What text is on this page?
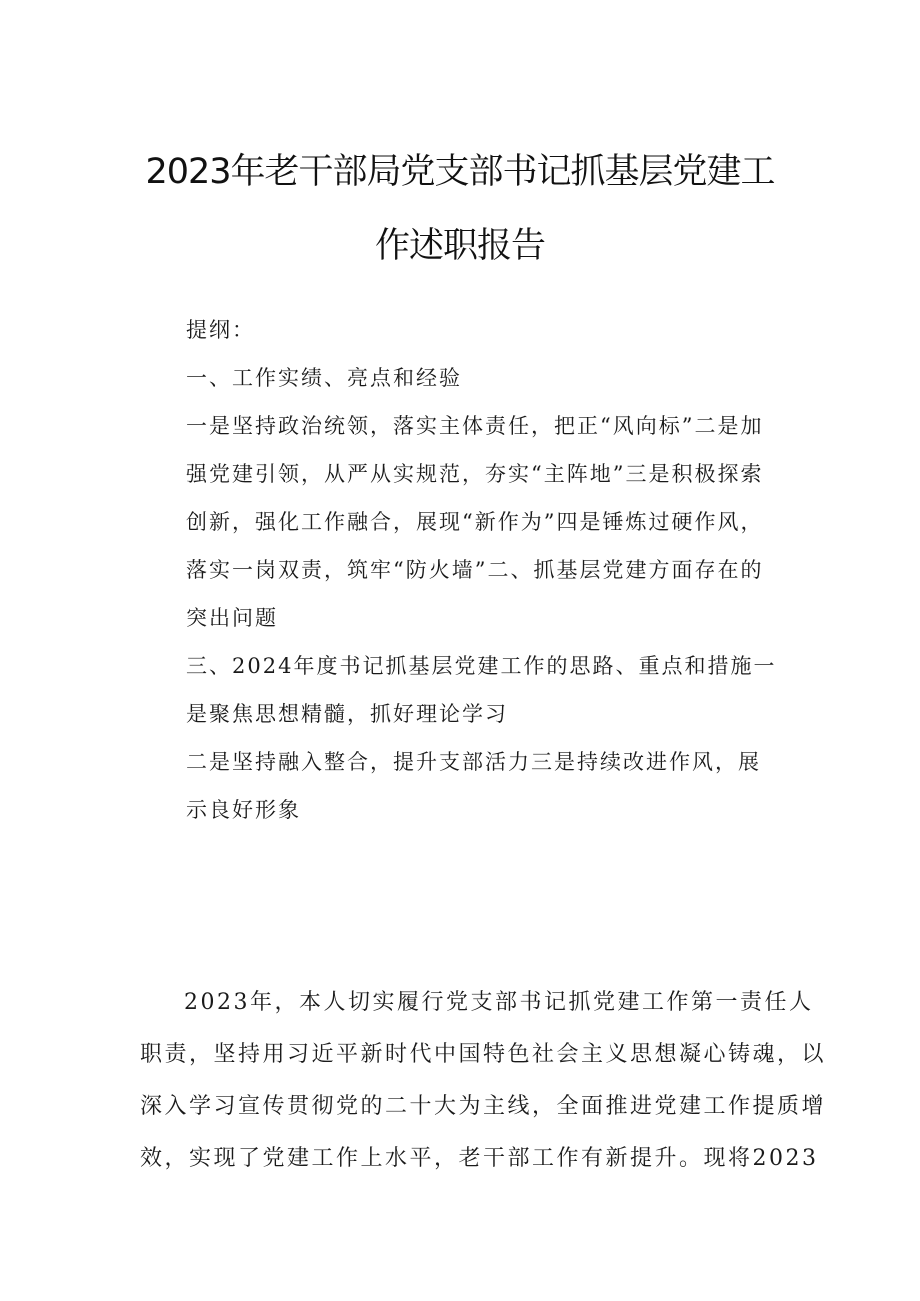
2023年老干部局党支部书记抓基层党建工
作述职报告
提纲：
一、工作实绩、亮点和经验
一是坚持政治统领，落实主体责任，把正“风向标”二是加
强党建引领，从严从实规范，夯实“主阵地”三是积极探索
创新，强化工作融合，展现“新作为”四是锤炼过硬作风，
落实一岗双责，筑牢“防火墙”二、抓基层党建方面存在的
突出问题
三、2024年度书记抓基层党建工作的思路、重点和措施一
是聚焦思想精髓，抓好理论学习
二是坚持融入整合，提升支部活力三是持续改进作风，展
示良好形象
2023年，本人切实履行党支部书记抓党建工作第一责任人
职责，坚持用习近平新时代中国特色社会主义思想凝心铸魂，以
深入学习宣传贯彻党的二十大为主线，全面推进党建工作提质增
效，实现了党建工作上水平，老干部工作有新提升。现将2023
